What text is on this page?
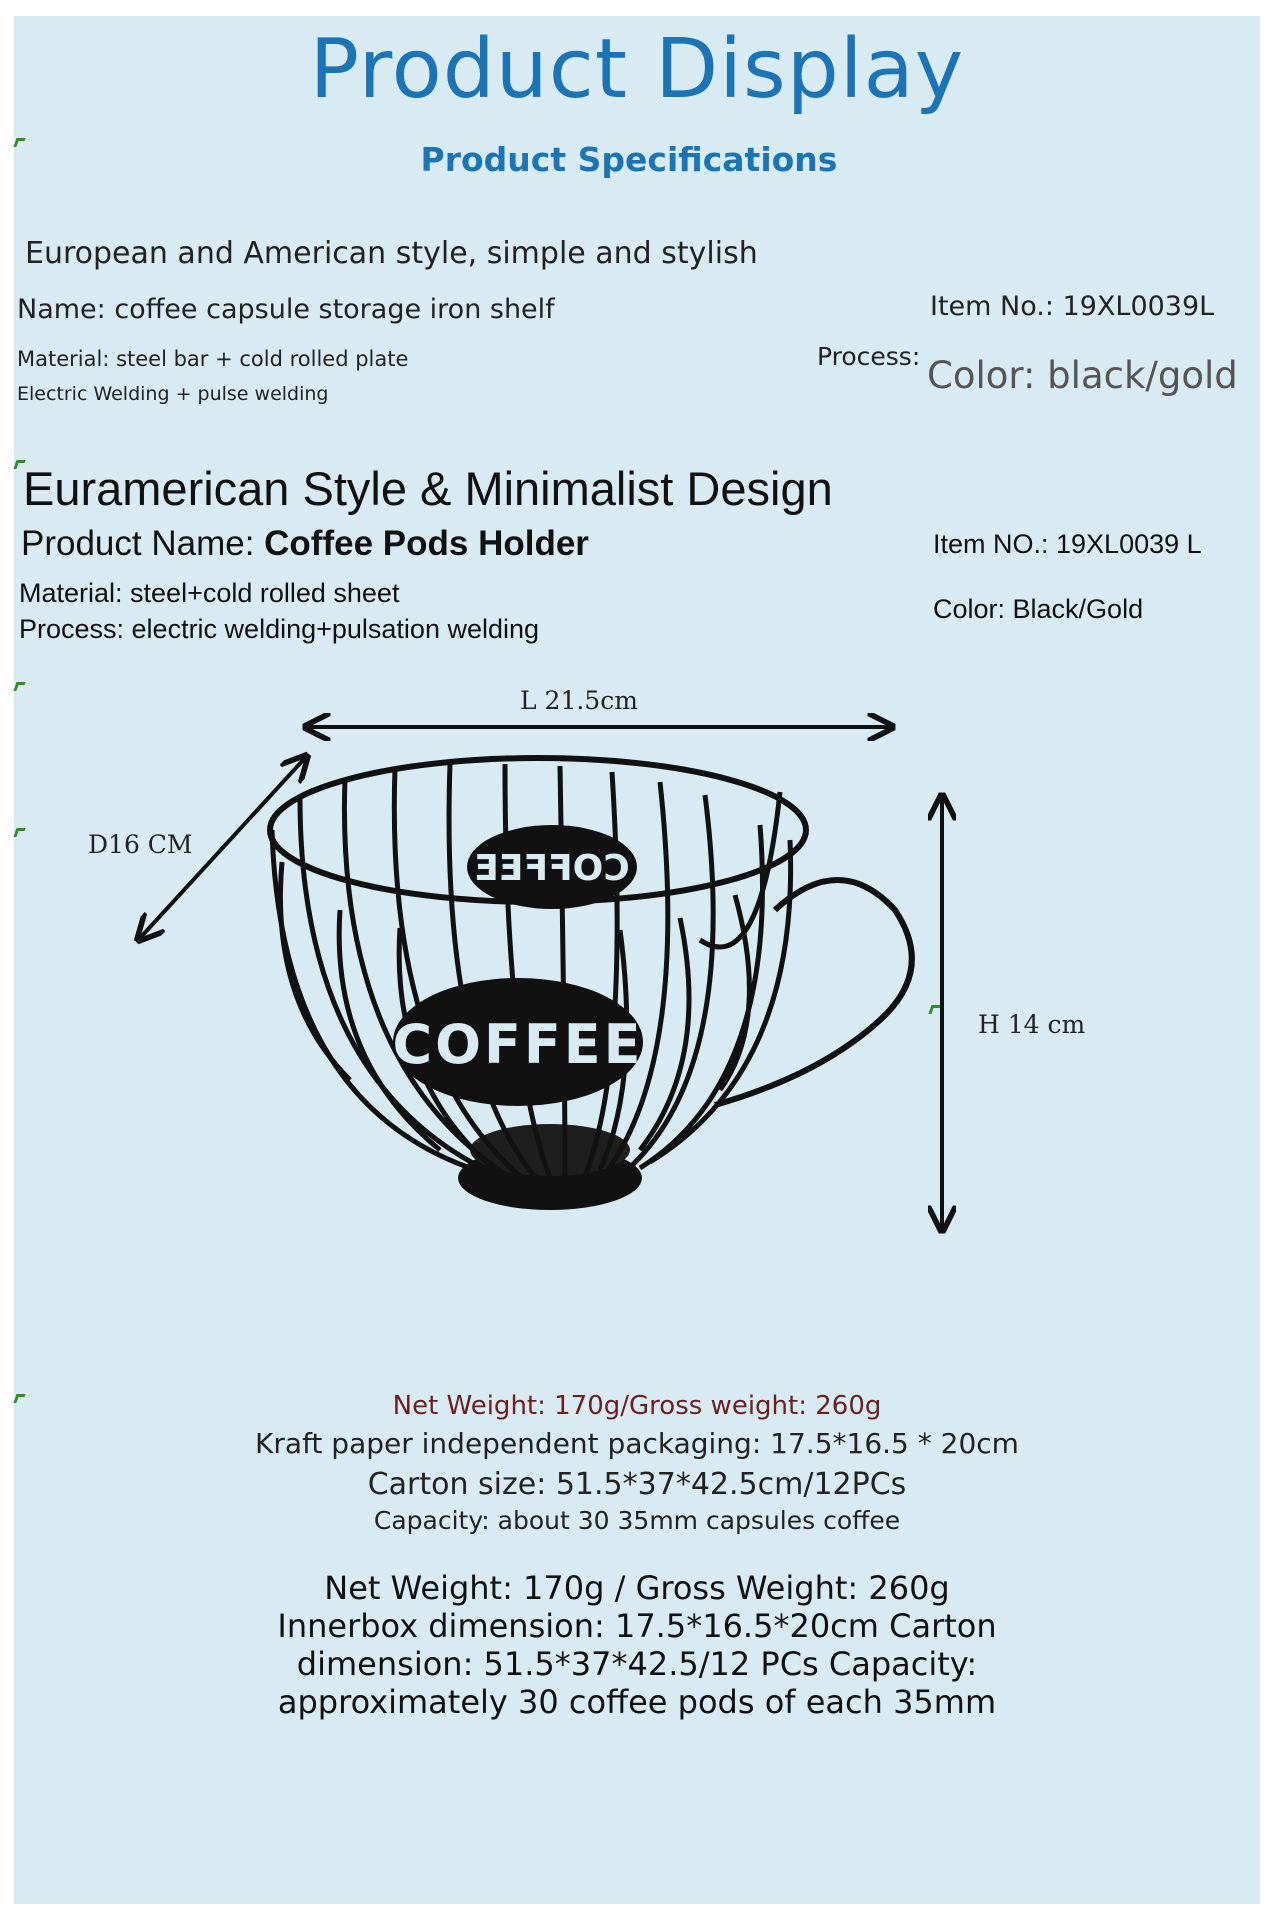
Product Display
Product Specifications
European and American style, simple and stylish
Name: coffee capsule storage iron shelf	Item No.: 19XL0039L
Material: steel bar + cold rolled plate	Process: Color: black/gold
Electric Welding + pulse welding
Euramerican Style & Minimalist Design
Product Name: Coffee Pods Holder	Item NO.: 19XL0039 L
Material: steel+cold rolled sheet
Color: Black/Gold
Process: electric welding+pulsation welding
L 21.5cm
D16 CM
H 14 cm
COFFEE
COFFEE
Net Weight: 170g/Gross weight: 260g
Kraft paper independent packaging: 17.5*16.5 * 20cm
Carton size: 51.5*37*42.5cm/12PCs
Capacity: about 30 35mm capsules coffee
Net Weight: 170g / Gross Weight: 260g
Innerbox dimension: 17.5*16.5*20cm Carton
dimension: 51.5*37*42.5/12 PCs Capacity:
approximately 30 coffee pods of each 35mm
